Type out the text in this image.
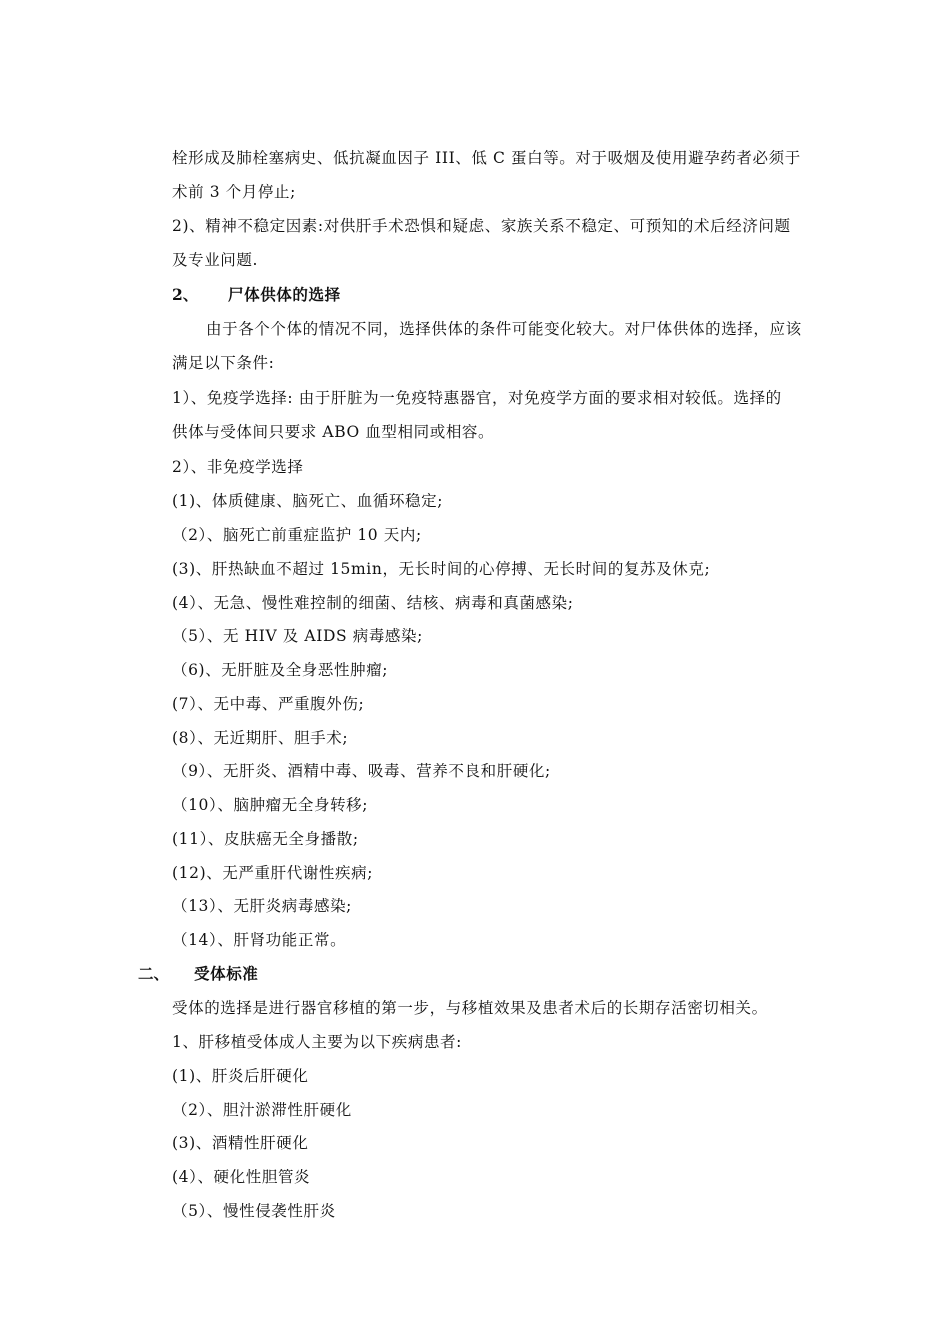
栓形成及肺栓塞病史、低抗凝血因子 III、低 C 蛋白等。对于吸烟及使用避孕药者必须于
术前 3 个月停止;
2)、精神不稳定因素:对供肝手术恐惧和疑虑、家族关系不稳定、可预知的术后经济问题
及专业问题.
2、 尸体供体的选择
由于各个个体的情况不同，选择供体的条件可能变化较大。对尸体供体的选择，应该
满足以下条件:
1）、免疫学选择: 由于肝脏为一免疫特惠器官，对免疫学方面的要求相对较低。选择的
供体与受体间只要求 ABO 血型相同或相容。
2）、非免疫学选择
(1)、体质健康、脑死亡、血循环稳定;
（2）、脑死亡前重症监护 10 天内;
(3)、肝热缺血不超过 15min，无长时间的心停搏、无长时间的复苏及休克;
(4）、无急、慢性难控制的细菌、结核、病毒和真菌感染;
（5）、无 HIV 及 AIDS 病毒感染;
（6)、无肝脏及全身恶性肿瘤;
(7）、无中毒、严重腹外伤;
(8）、无近期肝、胆手术;
（9）、无肝炎、酒精中毒、吸毒、营养不良和肝硬化;
（10）、脑肿瘤无全身转移;
(11）、皮肤癌无全身播散;
(12)、无严重肝代谢性疾病;
（13）、无肝炎病毒感染;
（14）、肝肾功能正常。
二、 受体标准
受体的选择是进行器官移植的第一步，与移植效果及患者术后的长期存活密切相关。
1、肝移植受体成人主要为以下疾病患者:
(1)、肝炎后肝硬化
（2）、胆汁淤滞性肝硬化
(3)、酒精性肝硬化
(4）、硬化性胆管炎
（5）、慢性侵袭性肝炎
